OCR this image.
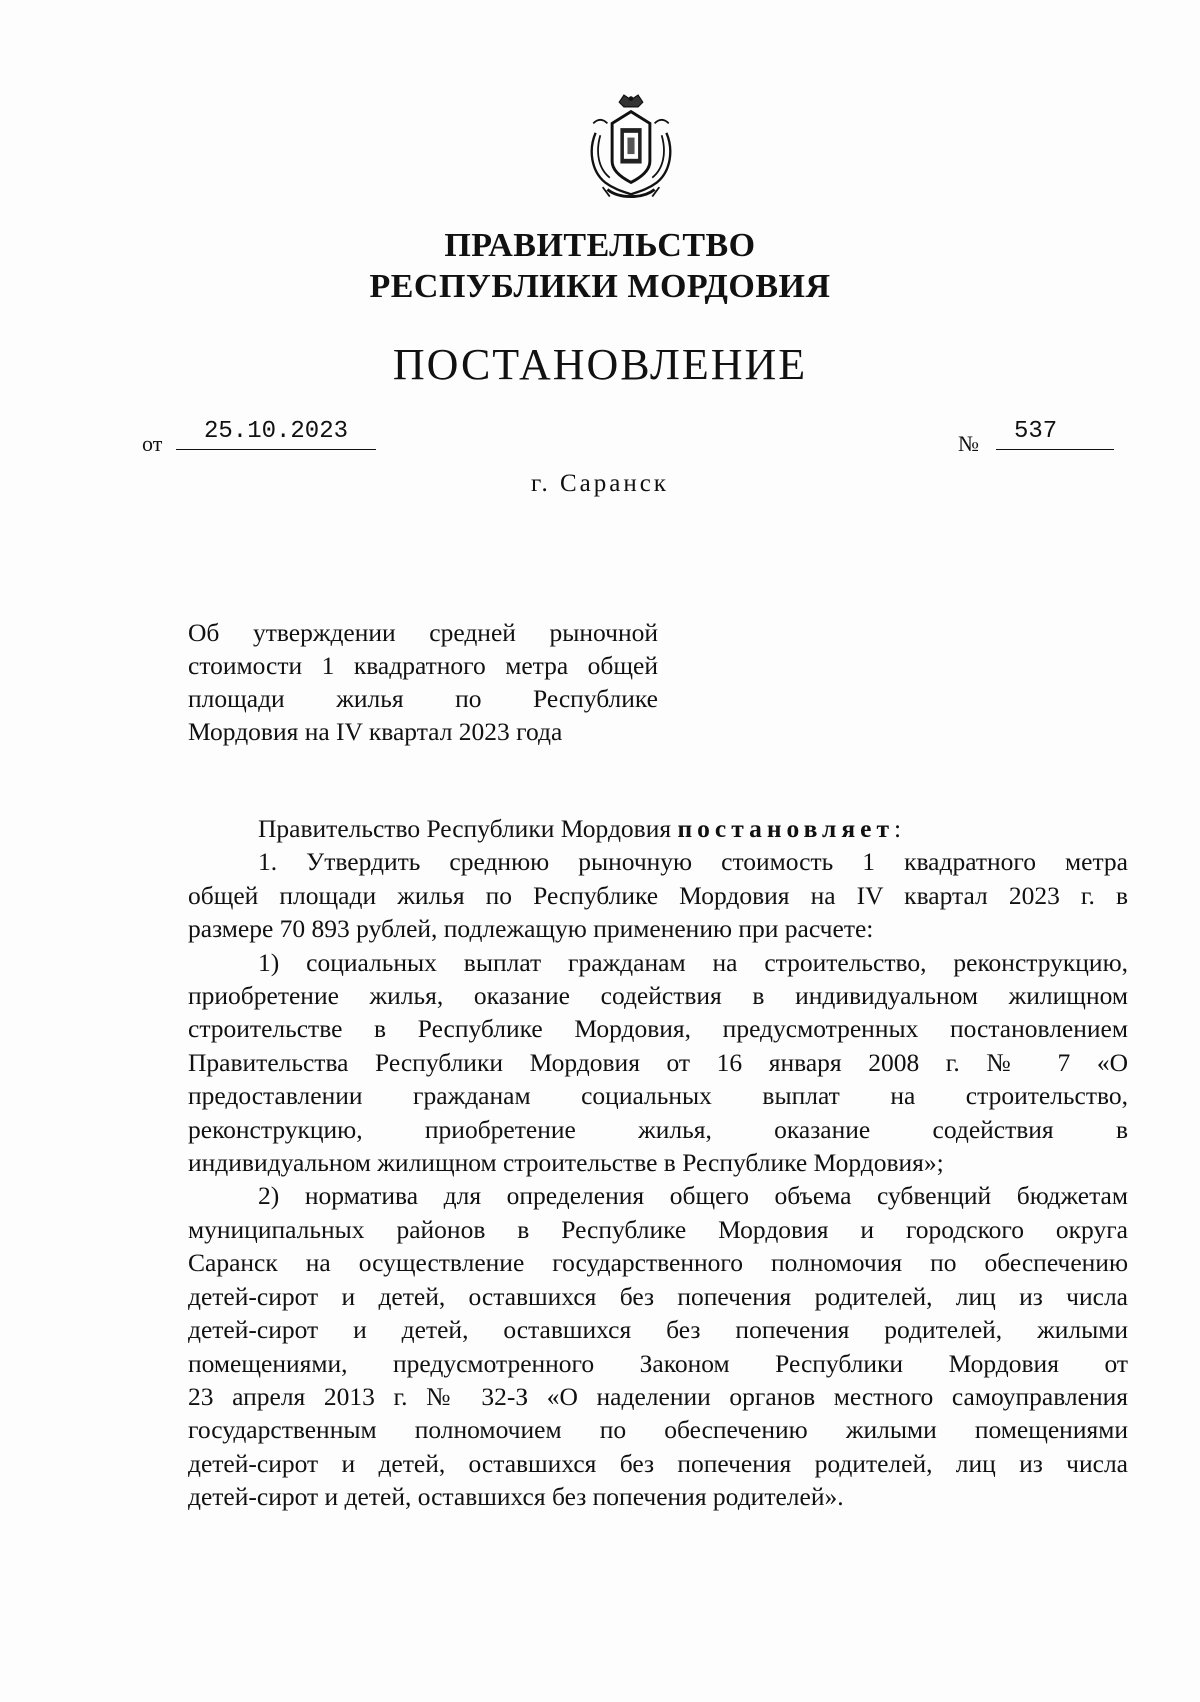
ПРАВИТЕЛЬСТВО
РЕСПУБЛИКИ МОРДОВИЯ
ПОСТАНОВЛЕНИЕ
от	25.10.2023	№	537
г. Саранск
Об утверждении средней рыночной
стоимости 1 квадратного метра общей
площади жилья по Республике
Мордовия на IV квартал 2023 года
Правительство Республики Мордовия постановляет:
1. Утвердить среднюю рыночную стоимость 1 квадратного метра
общей площади жилья по Республике Мордовия на IV квартал 2023 г. в
размере 70 893 рублей, подлежащую применению при расчете:
1) социальных выплат гражданам на строительство, реконструкцию,
приобретение жилья, оказание содействия в индивидуальном жилищном
строительстве в Республике Мордовия, предусмотренных постановлением
Правительства Республики Мордовия от 16 января 2008 г. № 7 «О
предоставлении гражданам социальных выплат на строительство,
реконструкцию, приобретение жилья, оказание содействия в
индивидуальном жилищном строительстве в Республике Мордовия»;
2) норматива для определения общего объема субвенций бюджетам
муниципальных районов в Республике Мордовия и городского округа
Саранск на осуществление государственного полномочия по обеспечению
детей-сирот и детей, оставшихся без попечения родителей, лиц из числа
детей-сирот и детей, оставшихся без попечения родителей, жилыми
помещениями, предусмотренного Законом Республики Мордовия от
23 апреля 2013 г. № 32-З «О наделении органов местного самоуправления
государственным полномочием по обеспечению жилыми помещениями
детей-сирот и детей, оставшихся без попечения родителей, лиц из числа
детей-сирот и детей, оставшихся без попечения родителей».
